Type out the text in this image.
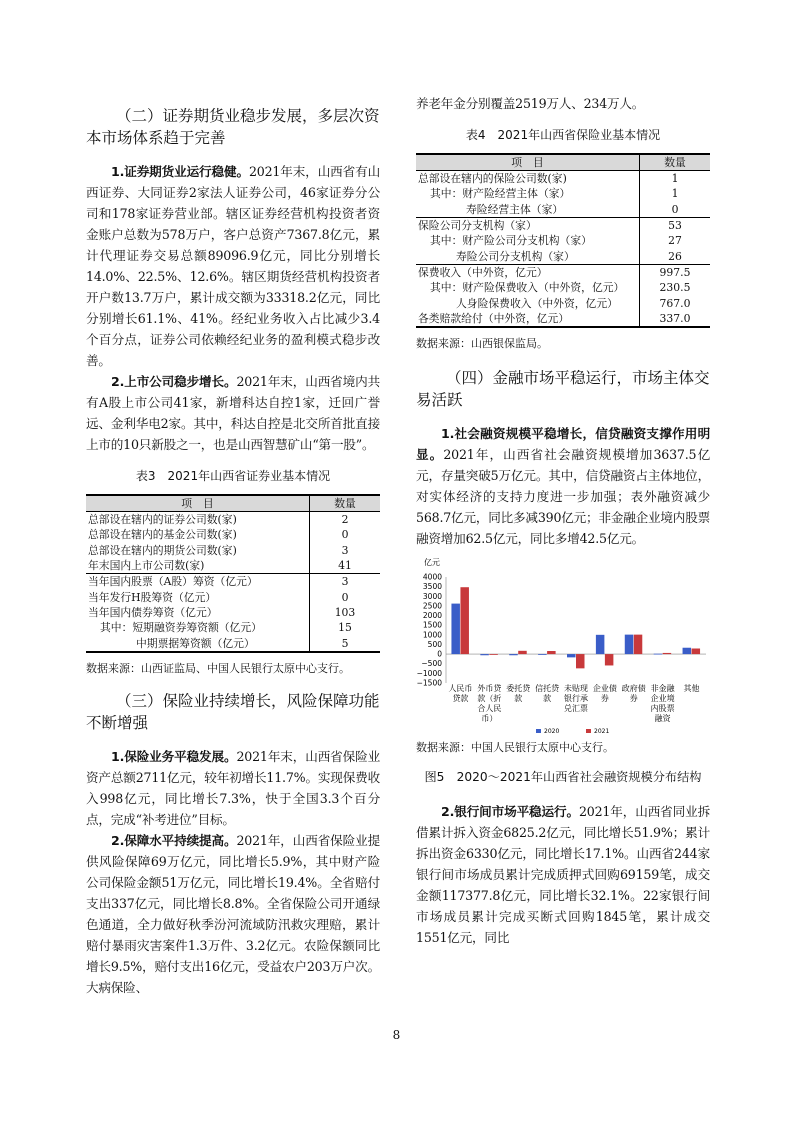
（二）证券期货业稳步发展，多层次资本市场体系趋于完善

1.证券期货业运行稳健。2021年末，山西省有山西证券、大同证券2家法人证券公司，46家证券分公司和178家证券营业部。辖区证券经营机构投资者资金账户总数为578万户，客户总资产7367.8亿元，累计代理证券交易总额89096.9亿元，同比分别增长14.0%、22.5%、12.6%。辖区期货经营机构投资者开户数13.7万户，累计成交额为33318.2亿元，同比分别增长61.1%、41%。经纪业务收入占比减少3.4个百分点，证券公司依赖经纪业务的盈利模式稳步改善。

2.上市公司稳步增长。2021年末，山西省境内共有A股上市公司41家，新增科达自控1家，迁回广誉远、金利华电2家。其中，科达自控是北交所首批直接上市的10只新股之一，也是山西智慧矿山“第一股”。

表3　2021年山西省证券业基本情况
项　目	数量
总部设在辖内的证券公司数(家)	2
总部设在辖内的基金公司数(家)	0
总部设在辖内的期货公司数(家)	3
年末国内上市公司数(家)	41
当年国内股票（A股）筹资（亿元）	3
当年发行H股筹资（亿元）	0
当年国内债券筹资（亿元）	103
其中：短期融资券筹资额（亿元）	15
中期票据筹资额（亿元）	5
数据来源：山西证监局、中国人民银行太原中心支行。
（三）保险业持续增长，风险保障功能不断增强

1.保险业务平稳发展。2021年末，山西省保险业资产总额2711亿元，较年初增长11.7%。实现保费收入998亿元，同比增长7.3%，快于全国3.3个百分点，完成“补考进位”目标。

2.保障水平持续提高。2021年，山西省保险业提供风险保障69万亿元，同比增长5.9%，其中财产险公司保险金额51万亿元，同比增长19.4%。全省赔付支出337亿元，同比增长8.8%。全省保险公司开通绿色通道，全力做好秋季汾河流域防汛救灾理赔，累计赔付暴雨灾害案件1.3万件、3.2亿元。农险保额同比增长9.5%，赔付支出16亿元，受益农户203万户次。大病保险、

养老年金分别覆盖2519万人、234万人。

表4　2021年山西省保险业基本情况
项　目	数量
总部设在辖内的保险公司数(家)	1
其中：财产险经营主体（家）	1
寿险经营主体（家）	0
保险公司分支机构（家）	53
其中：财产险公司分支机构（家）	27
寿险公司分支机构（家）	26
保费收入（中外资，亿元）	997.5
其中：财产险保费收入（中外资，亿元）	230.5
人身险保费收入（中外资，亿元）	767.0
各类赔款给付（中外资，亿元）	337.0
数据来源：山西银保监局。
（四）金融市场平稳运行，市场主体交易活跃

1.社会融资规模平稳增长，信贷融资支撑作用明显。2021年，山西省社会融资规模增加3637.5亿元，存量突破5万亿元。其中，信贷融资占主体地位，对实体经济的支持力度进一步加强；表外融资减少568.7亿元，同比多减390亿元；非金融企业境内股票融资增加62.5亿元，同比多增42.5亿元。

亿元
4000
3500
3000
2500
2000
1500
1000
500
0
−500
−1000
−1500
人民币
贷款
外币贷
款（折
合人民
币）
委托贷
款
信托贷
款
未贴现
银行承
兑汇票
企业债
券
政府债
券
非金融
企业境
内股票
融资
其他
2020	2021
数据来源：中国人民银行太原中心支行。
图5　2020～2021年山西省社会融资规模分布结构

2.银行间市场平稳运行。2021年，山西省同业拆借累计拆入资金6825.2亿元，同比增长51.9%；累计拆出资金6330亿元，同比增长17.1%。山西省244家银行间市场成员累计完成质押式回购69159笔，成交金额117377.8亿元，同比增长32.1%。22家银行间市场成员累计完成买断式回购1845笔，累计成交1551亿元，同比

8
